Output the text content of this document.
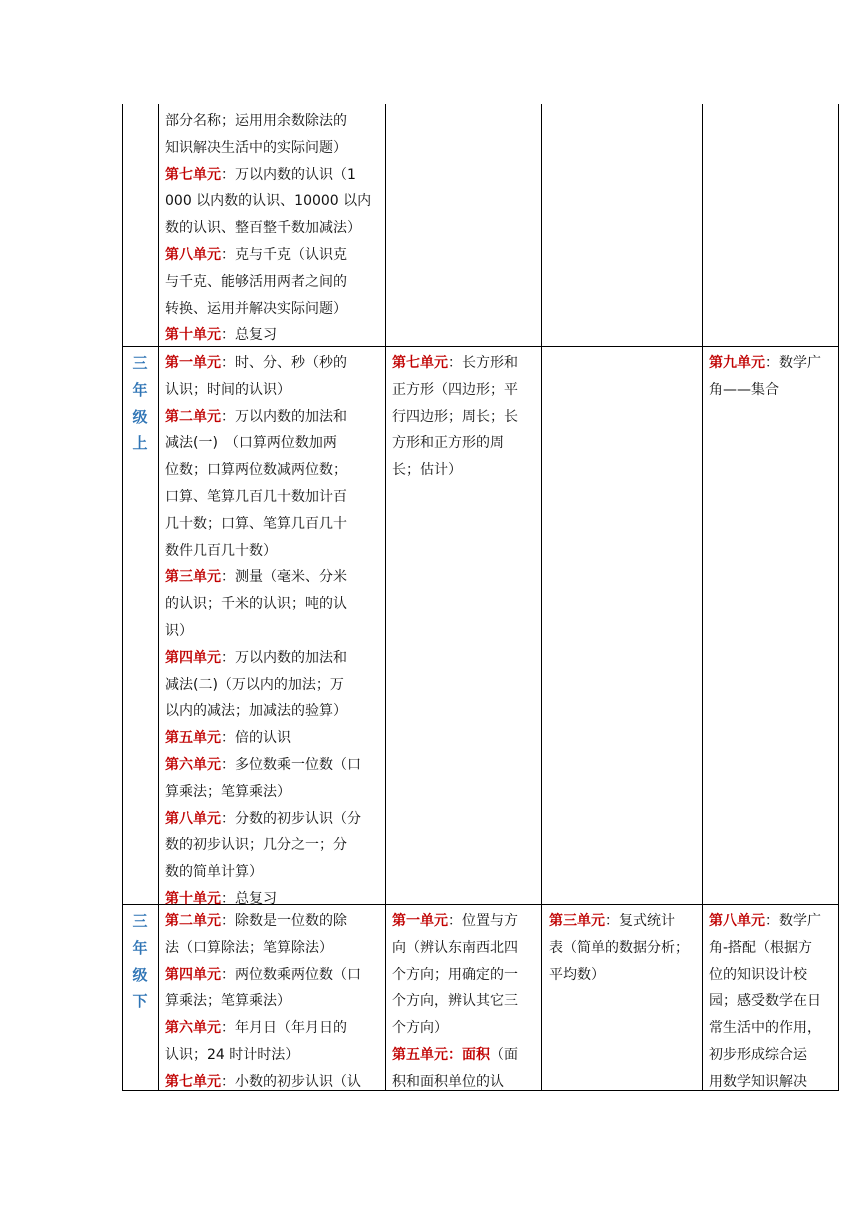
部分名称；运用用余数除法的
知识解决生活中的实际问题）
第七单元：万以内数的认识（1
000 以内数的认识、10000 以内
数的认识、整百整千数加减法）
第八单元：克与千克（认识克
与千克、能够活用两者之间的
转换、运用并解决实际问题）
第十单元：总复习
三
年
级
上
第一单元：时、分、秒（秒的
认识；时间的认识）
第二单元：万以内数的加法和
减法(一)　（口算两位数加两
位数；口算两位数减两位数；
口算、笔算几百几十数加计百
几十数；口算、笔算几百几十
数件几百几十数）
第三单元：测量（毫米、分米
的认识；千米的认识；吨的认
识）
第四单元：万以内数的加法和
减法(二)（万以内的加法；万
以内的减法；加减法的验算）
第五单元：倍的认识
第六单元：多位数乘一位数（口
算乘法；笔算乘法）
第八单元：分数的初步认识（分
数的初步认识；几分之一；分
数的简单计算）
第十单元：总复习
第七单元：长方形和
正方形（四边形；平
行四边形；周长；长
方形和正方形的周
长；估计）
第九单元：数学广
角——集合
三
年
级
下
第二单元：除数是一位数的除
法（口算除法；笔算除法）
第四单元：两位数乘两位数（口
算乘法；笔算乘法）
第六单元：年月日（年月日的
认识；24 时计时法）
第七单元：小数的初步认识（认
第一单元：位置与方
向（辨认东南西北四
个方向；用确定的一
个方向，辨认其它三
个方向）
第五单元：面积（面
积和面积单位的认
第三单元：复式统计
表（简单的数据分析；
平均数）
第八单元：数学广
角-搭配（根据方
位的知识设计校
园；感受数学在日
常生活中的作用，
初步形成综合运
用数学知识解决
